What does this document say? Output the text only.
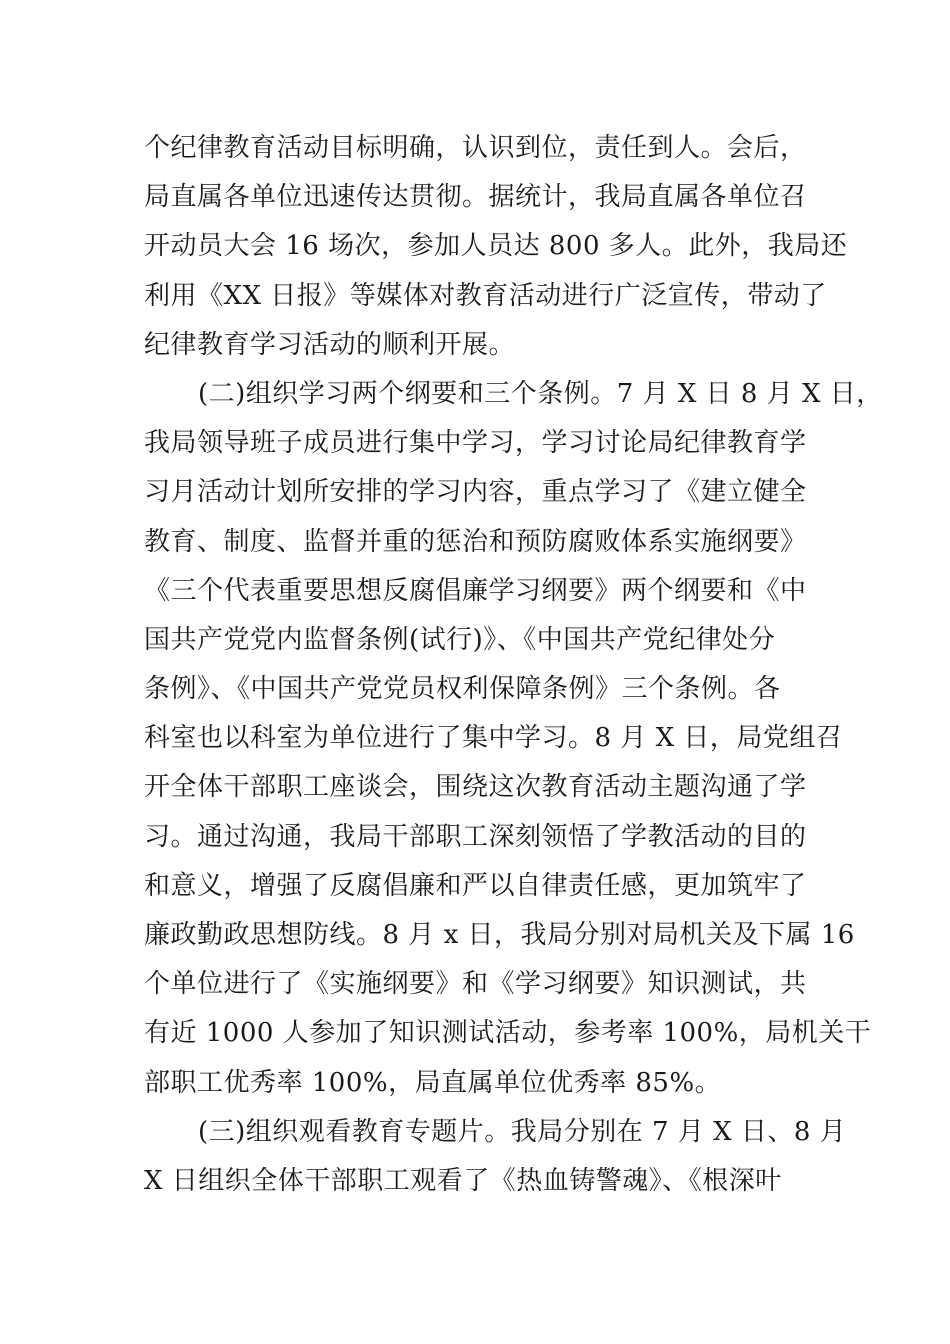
个纪律教育活动目标明确，认识到位，责任到人。会后，
局直属各单位迅速传达贯彻。据统计，我局直属各单位召
开动员大会 16 场次，参加人员达 800 多人。此外，我局还
利用《XX 日报》等媒体对教育活动进行广泛宣传，带动了
纪律教育学习活动的顺利开展。
(二)组织学习两个纲要和三个条例。7 月 X 日 8 月 X 日，
我局领导班子成员进行集中学习，学习讨论局纪律教育学
习月活动计划所安排的学习内容，重点学习了《建立健全
教育、制度、监督并重的惩治和预防腐败体系实施纲要》
《三个代表重要思想反腐倡廉学习纲要》两个纲要和《中
国共产党党内监督条例(试行)》、《中国共产党纪律处分
条例》、《中国共产党党员权利保障条例》三个条例。各
科室也以科室为单位进行了集中学习。8 月 X 日，局党组召
开全体干部职工座谈会，围绕这次教育活动主题沟通了学
习。通过沟通，我局干部职工深刻领悟了学教活动的目的
和意义，增强了反腐倡廉和严以自律责任感，更加筑牢了
廉政勤政思想防线。8 月 x 日，我局分别对局机关及下属 16
个单位进行了《实施纲要》和《学习纲要》知识测试，共
有近 1000 人参加了知识测试活动，参考率 100%，局机关干
部职工优秀率 100%，局直属单位优秀率 85%。
(三)组织观看教育专题片。我局分别在 7 月 X 日、8 月
X 日组织全体干部职工观看了《热血铸警魂》、《根深叶
